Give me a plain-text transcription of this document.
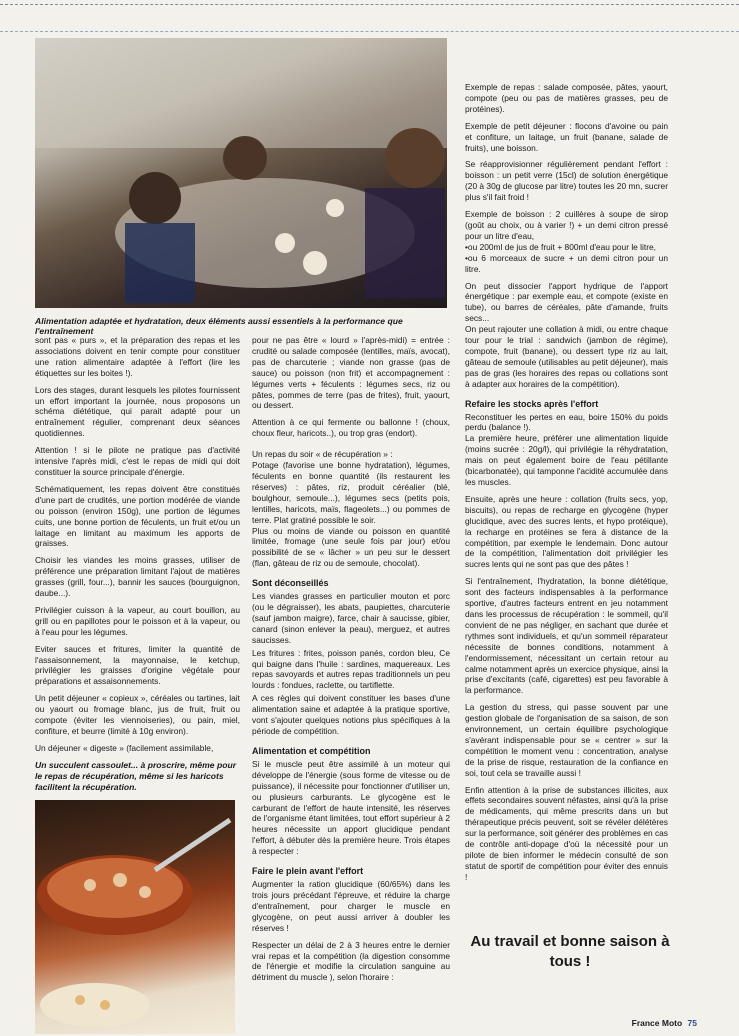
Alimentation adaptée et hydratation, deux éléments aussi essentiels à la performance que l'entraînement

sont pas « purs », et la préparation des repas et les associations doivent en tenir compte pour constituer une ration alimentaire adaptée à l'effort (lire les étiquettes sur les boites !).

Lors des stages, durant lesquels les pilotes fournissent un effort important la journée, nous proposons un schéma diététique, qui parait adapté pour un entraînement régulier, comprenant deux séances quotidiennes.

Attention ! si le pilote ne pratique pas d'activité intensive l'après midi, c'est le repas de midi qui doit constituer la source principale d'énergie.

Schématiquement, les repas doivent être constitués d'une part de crudités, une portion modérée de viande ou poisson (environ 150g), une portion de légumes cuits, une bonne portion de féculents, un fruit et/ou un laitage en limitant au maximum les apports de graisses.

Choisir les viandes les moins grasses, utiliser de préférence une préparation limitant l'ajout de matières grasses (grill, four...), bannir les sauces (bourguignon, daube...).

Privilégier cuisson à la vapeur, au court bouillon, au grill ou en papillotes pour le poisson et à la vapeur, ou à l'eau pour les légumes.

Eviter sauces et fritures, limiter la quantité de l'assaisonnement, la mayonnaise, le ketchup, privilégier les graisses d'origine végétale pour préparations et assaisonnements.

Un petit déjeuner « copieux », céréales ou tartines, lait ou yaourt ou fromage blanc, jus de fruit, fruit ou compote (éviter les viennoiseries), ou pain, miel, confiture, et beurre (limité à 10g environ).

Un déjeuner « digeste » (facilement assimilable,

Un succulent cassoulet... à proscrire, même pour le repas de récupération, même si les haricots facilitent la récupération.

pour ne pas être « lourd » l'après-midi) = entrée : crudité ou salade composée (lentilles, maïs, avocat), pas de charcuterie ; viande non grasse (pas de sauce) ou poisson (non frit) et accompagnement : légumes verts + féculents : légumes secs, riz ou pâtes, pommes de terre (pas de frites), fruit, yaourt, ou dessert.

Attention à ce qui fermente ou ballonne ! (choux, choux fleur, haricots..), ou trop gras (endort).

Un repas du soir « de récupération » :

Potage (favorise une bonne hydratation), légumes, féculents en bonne quantité (ils restaurent les réserves) : pâtes, riz, produit céréalier (blé, boulghour, semoule...), légumes secs (petits pois, lentilles, haricots, maïs, flageolets...) ou pommes de terre. Plat gratiné possible le soir.

Plus ou moins de viande ou poisson en quantité limitée, fromage (une seule fois par jour) et/ou possibilité de se « lâcher » un peu sur le dessert (flan, gâteau de riz ou de semoule, chocolat).

Sont déconseillés

Les viandes grasses en particulier mouton et porc (ou le dégraisser), les abats, paupiettes, charcuterie (sauf jambon maigre), farce, chair à saucisse, gibier, canard (sinon enlever la peau), merguez, et autres saucisses.

Les fritures : frites, poisson panés, cordon bleu, Ce qui baigne dans l'huile : sardines, maquereaux. Les repas savoyards et autres repas traditionnels un peu lourds : fondues, raclette, ou tartiflette.

A ces règles qui doivent constituer les bases d'une alimentation saine et adaptée à la pratique sportive, vont s'ajouter quelques notions plus spécifiques à la période de compétition.

Alimentation et compétition

Si le muscle peut être assimilé à un moteur qui développe de l'énergie (sous forme de vitesse ou de puissance), il nécessite pour fonctionner d'utiliser un, ou plusieurs carburants. Le glycogène est le carburant de l'effort de haute intensité, les réserves de l'organisme étant limitées, tout effort supérieur à 2 heures nécessite un apport glucidique pendant l'effort, à débuter dès la première heure. Trois étapes à respecter :

Faire le plein avant l'effort

Augmenter la ration glucidique (60/65%) dans les trois jours précédant l'épreuve, et réduire la charge d'entraînement, pour charger le muscle en glycogène, on peut aussi arriver à doubler les réserves !

Respecter un délai de 2 à 3 heures entre le dernier vrai repas et la compétition (la digestion consomme de l'énergie et modifie la circulation sanguine au détriment du muscle ), selon l'horaire :

Exemple de repas : salade composée, pâtes, yaourt, compote (peu ou pas de matières grasses, peu de protéines).

Exemple de petit déjeuner : flocons d'avoine ou pain et confiture, un laitage, un fruit (banane, salade de fruits), une boisson.

Se réapprovisionner régulièrement pendant l'effort : boisson : un petit verre (15cl) de solution énergétique (20 à 30g de glucose par litre) toutes les 20 mn, sucrer plus s'il fait froid !

Exemple de boisson : 2 cuillères à soupe de sirop (goût au choix, ou à varier !) + un demi citron pressé pour un litre d'eau,

•ou 200ml de jus de fruit + 800ml d'eau pour le litre,

•ou 6 morceaux de sucre + un demi citron pour un litre.

On peut dissocier l'apport hydrique de l'apport énergétique : par exemple eau, et compote (existe en tube), ou barres de céréales, pâte d'amande, fruits secs...

On peut rajouter une collation à midi, ou entre chaque tour pour le trial : sandwich (jambon de régime), compote, fruit (banane), ou dessert type riz au lait, gâteau de semoule (utilisables au petit déjeuner), mais pas de gras (les horaires des repas ou collations sont à adapter aux horaires de la compétition).

Refaire les stocks après l'effort

Reconstituer les pertes en eau, boire 150% du poids perdu (balance !).

La première heure, préférer une alimentation liquide (moins sucrée : 20g/l), qui privilégie la réhydratation, mais on peut également boire de l'eau pétillante (bicarbonatée), qui tamponne l'acidité accumulée dans les muscles.

Ensuite, après une heure : collation (fruits secs, yop, biscuits), ou repas de recharge en glycogène (hyper glucidique, avec des sucres lents, et hypo protéique), la recharge en protéines se fera à distance de la compétition, par exemple le lendemain. Donc autour de la compétition, l'alimentation doit privilégier les sucres lents qui ne sont pas que des pâtes !

Si l'entraînement, l'hydratation, la bonne diététique, sont des facteurs indispensables à la performance sportive, d'autres facteurs entrent en jeu notamment dans les processus de récupération : le sommeil, qu'il convient de ne pas négliger, en sachant que durée et rythmes sont individuels, et qu'un sommeil réparateur nécessite de bonnes conditions, notamment à l'endormissement, nécessitant un certain retour au calme notamment après un exercice physique, ainsi la prise d'excitants (café, cigarettes) est peu favorable à la performance.

La gestion du stress, qui passe souvent par une gestion globale de l'organisation de sa saison, de son environnement, un certain équilibre psychologique s'avérant indispensable pour se « centrer » sur la compétition le moment venu : concentration, analyse de la prise de risque, restauration de la confiance en soi, tout cela se travaille aussi !

Enfin attention à la prise de substances illicites, aux effets secondaires souvent néfastes, ainsi qu'à la prise de médicaments, qui même prescrits dans un but thérapeutique précis peuvent, soit se révéler délétères sur la performance, soit générer des problèmes en cas de contrôle anti-dopage d'où la nécessité pour un pilote de bien informer le médecin consulté de son statut de sportif de compétition pour éviter des ennuis !

Au travail et bonne saison à tous !
France Moto 75
